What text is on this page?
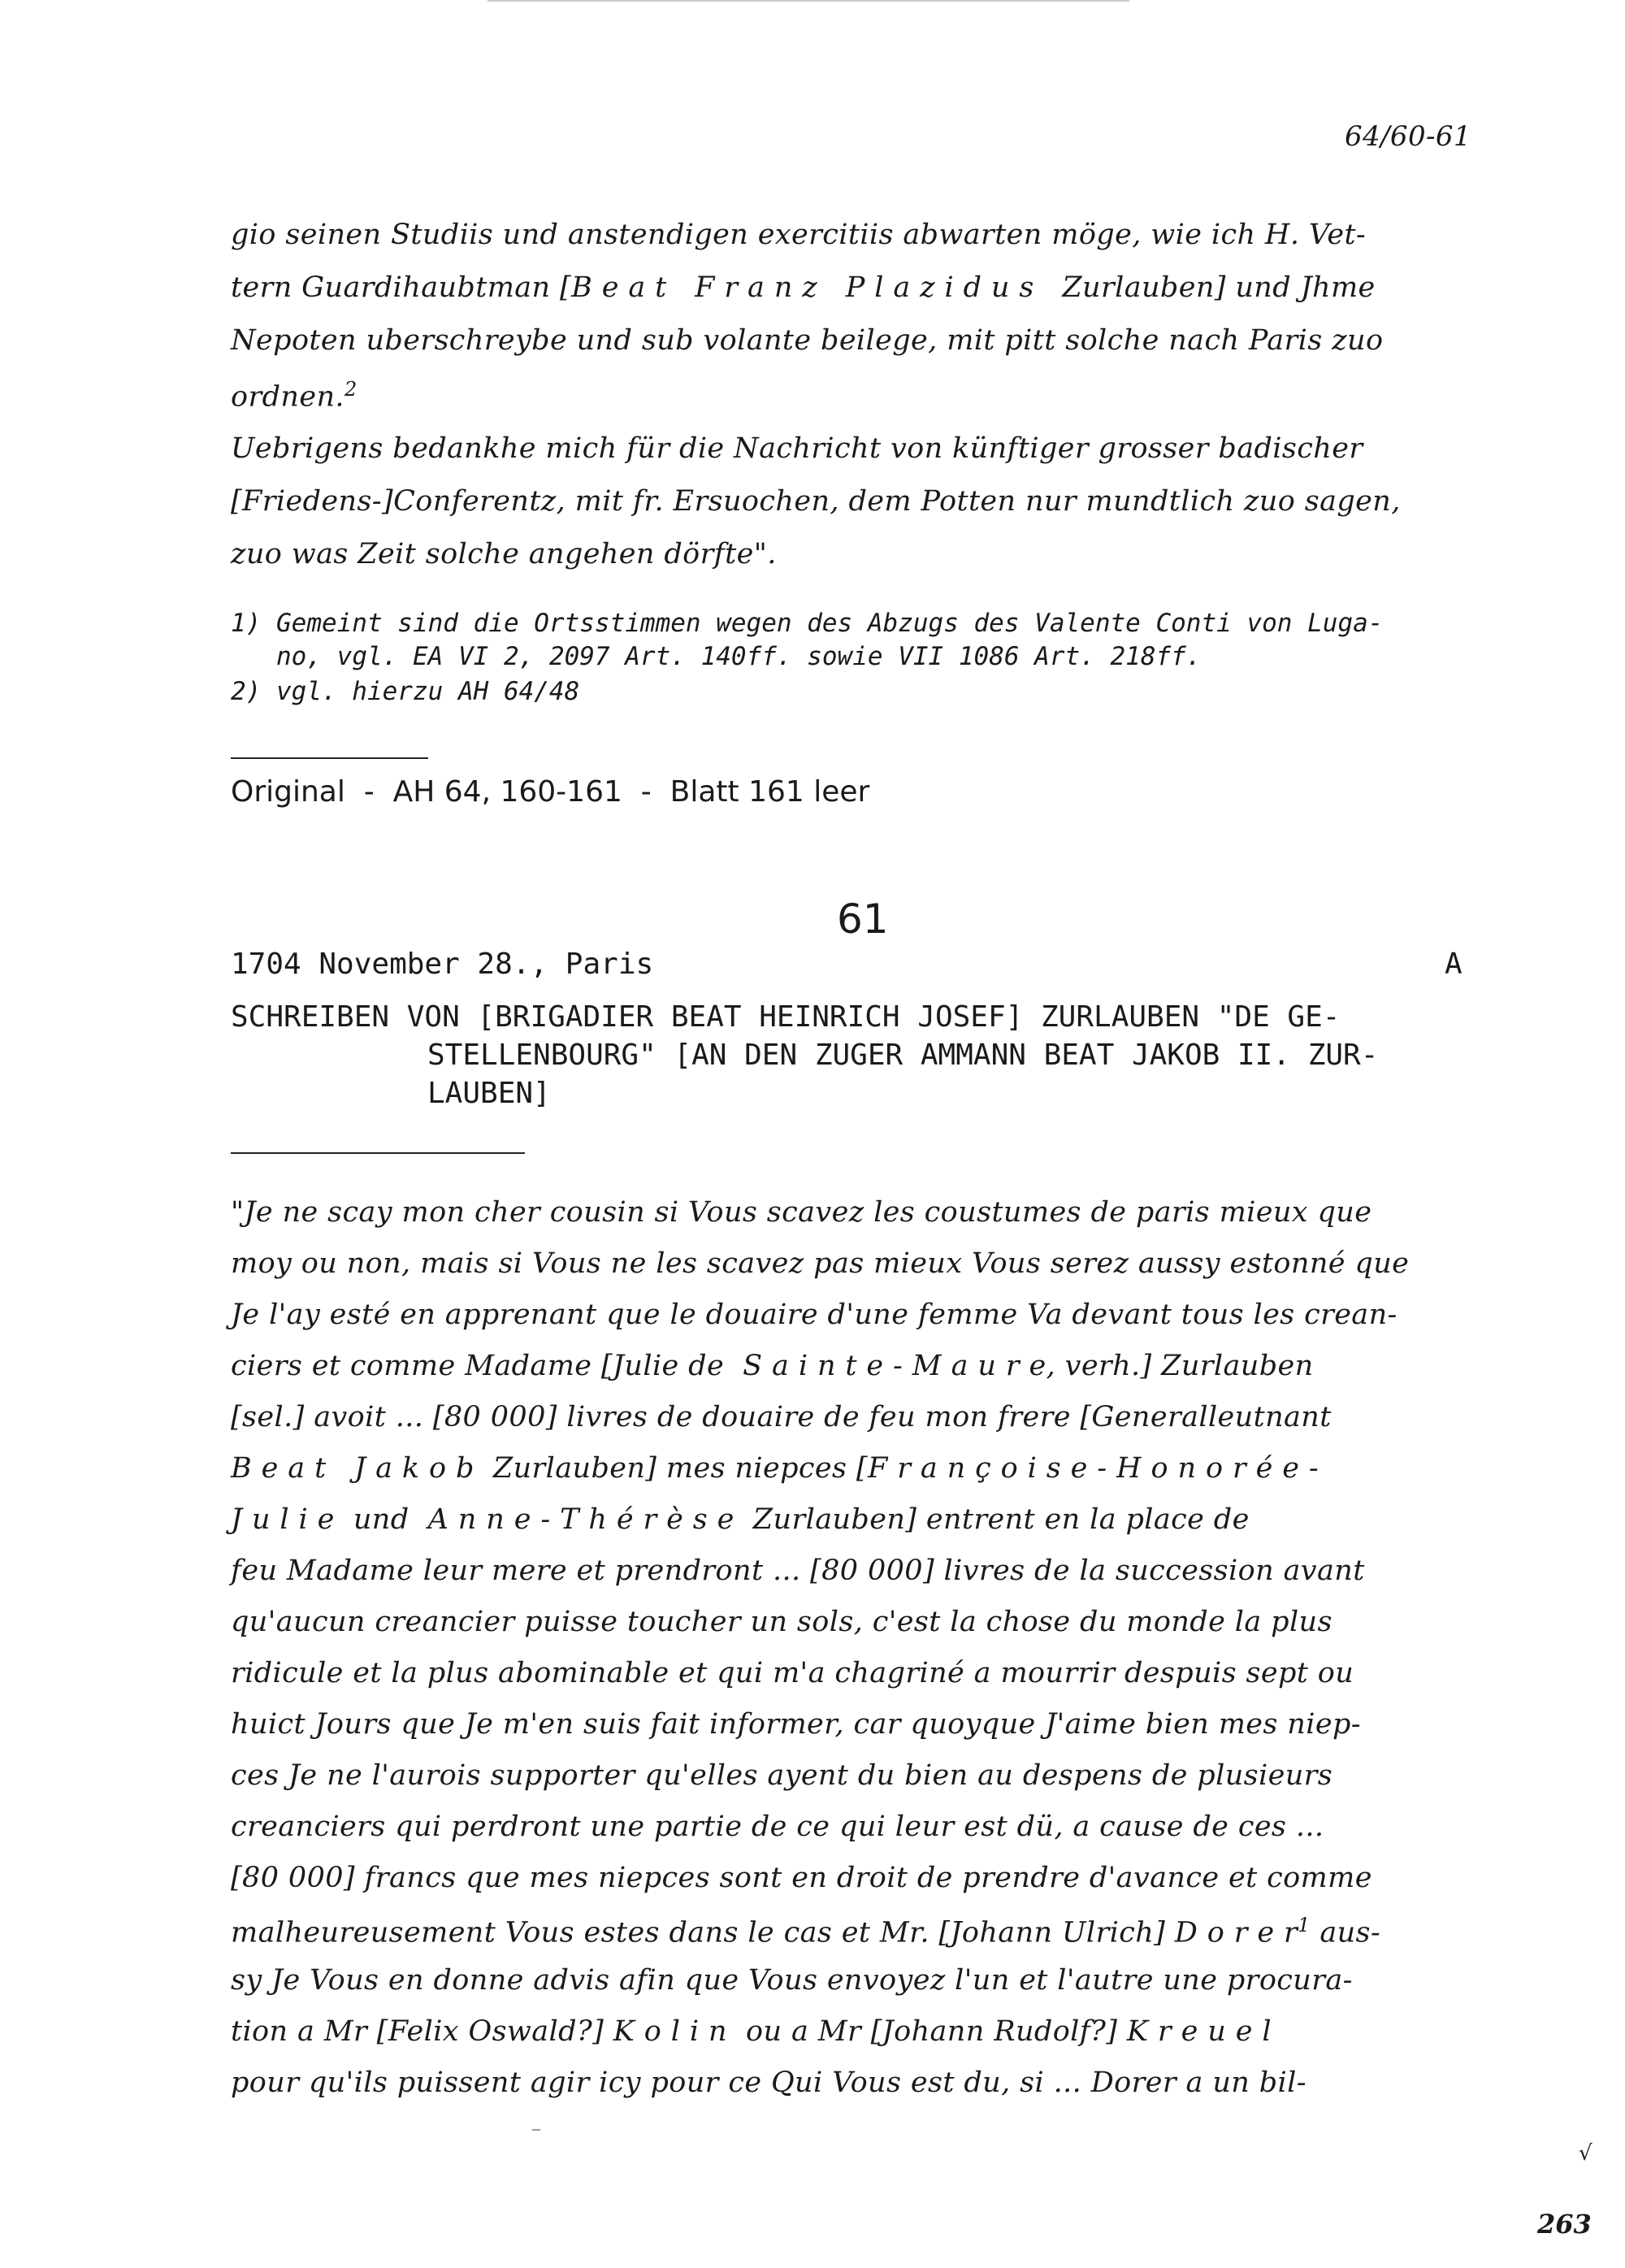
64/60-61
gio seinen Studiis und anstendigen exercitiis abwarten möge, wie ich H. Vet-
tern Guardihaubtman [B e a t   F r a n z   P l a z i d u s   Zurlauben] und Jhme
Nepoten uberschreybe und sub volante beilege, mit pitt solche nach Paris zuo
ordnen.$^2$
Uebrigens bedankhe mich für die Nachricht von künftiger grosser badischer
[Friedens-]Conferentz, mit fr. Ersuochen, dem Potten nur mundtlich zuo sagen,
zuo was Zeit solche angehen dörfte".
1) Gemeint sind die Ortsstimmen wegen des Abzugs des Valente Conti von Luga-
no, vgl. EA VI 2, 2097 Art. 140ff. sowie VII 1086 Art. 218ff.
2) vgl. hierzu AH 64/48
Original  -  AH 64, 160-161  -  Blatt 161 leer
61
1704 November 28., Paris	A
SCHREIBEN VON [BRIGADIER BEAT HEINRICH JOSEF] ZURLAUBEN "DE GE-
STELLENBOURG" [AN DEN ZUGER AMMANN BEAT JAKOB II. ZUR-
LAUBEN]
"Je ne scay mon cher cousin si Vous scavez les coustumes de paris mieux que
moy ou non, mais si Vous ne les scavez pas mieux Vous serez aussy estonné que
Je l'ay esté en apprenant que le douaire d'une femme Va devant tous les crean-
ciers et comme Madame [Julie de  S a i n t e - M a u r e, verh.] Zurlauben
[sel.] avoit ... [80 000] livres de douaire de feu mon frere [Generalleutnant
B e a t   J a k o b  Zurlauben] mes niepces [F r a n ç o i s e - H o n o r é e -
J u l i e  und  A n n e - T h é r è s e  Zurlauben] entrent en la place de
feu Madame leur mere et prendront ... [80 000] livres de la succession avant
qu'aucun creancier puisse toucher un sols, c'est la chose du monde la plus
ridicule et la plus abominable et qui m'a chagriné a mourrir despuis sept ou
huict Jours que Je m'en suis fait informer, car quoyque J'aime bien mes niep-
ces Je ne l'aurois supporter qu'elles ayent du bien au despens de plusieurs
creanciers qui perdront une partie de ce qui leur est dü, a cause de ces ...
[80 000] francs que mes niepces sont en droit de prendre d'avance et comme
malheureusement Vous estes dans le cas et Mr. [Johann Ulrich] D o r e $r^1$ aus-
sy Je Vous en donne advis afin que Vous envoyez l'un et l'autre une procura-
tion a Mr [Felix Oswald?] K o l i n  ou a Mr [Johann Rudolf?] K r e u e l
pour qu'ils puissent agir icy pour ce Qui Vous est du, si ... Dorer a un bil-
√
263
